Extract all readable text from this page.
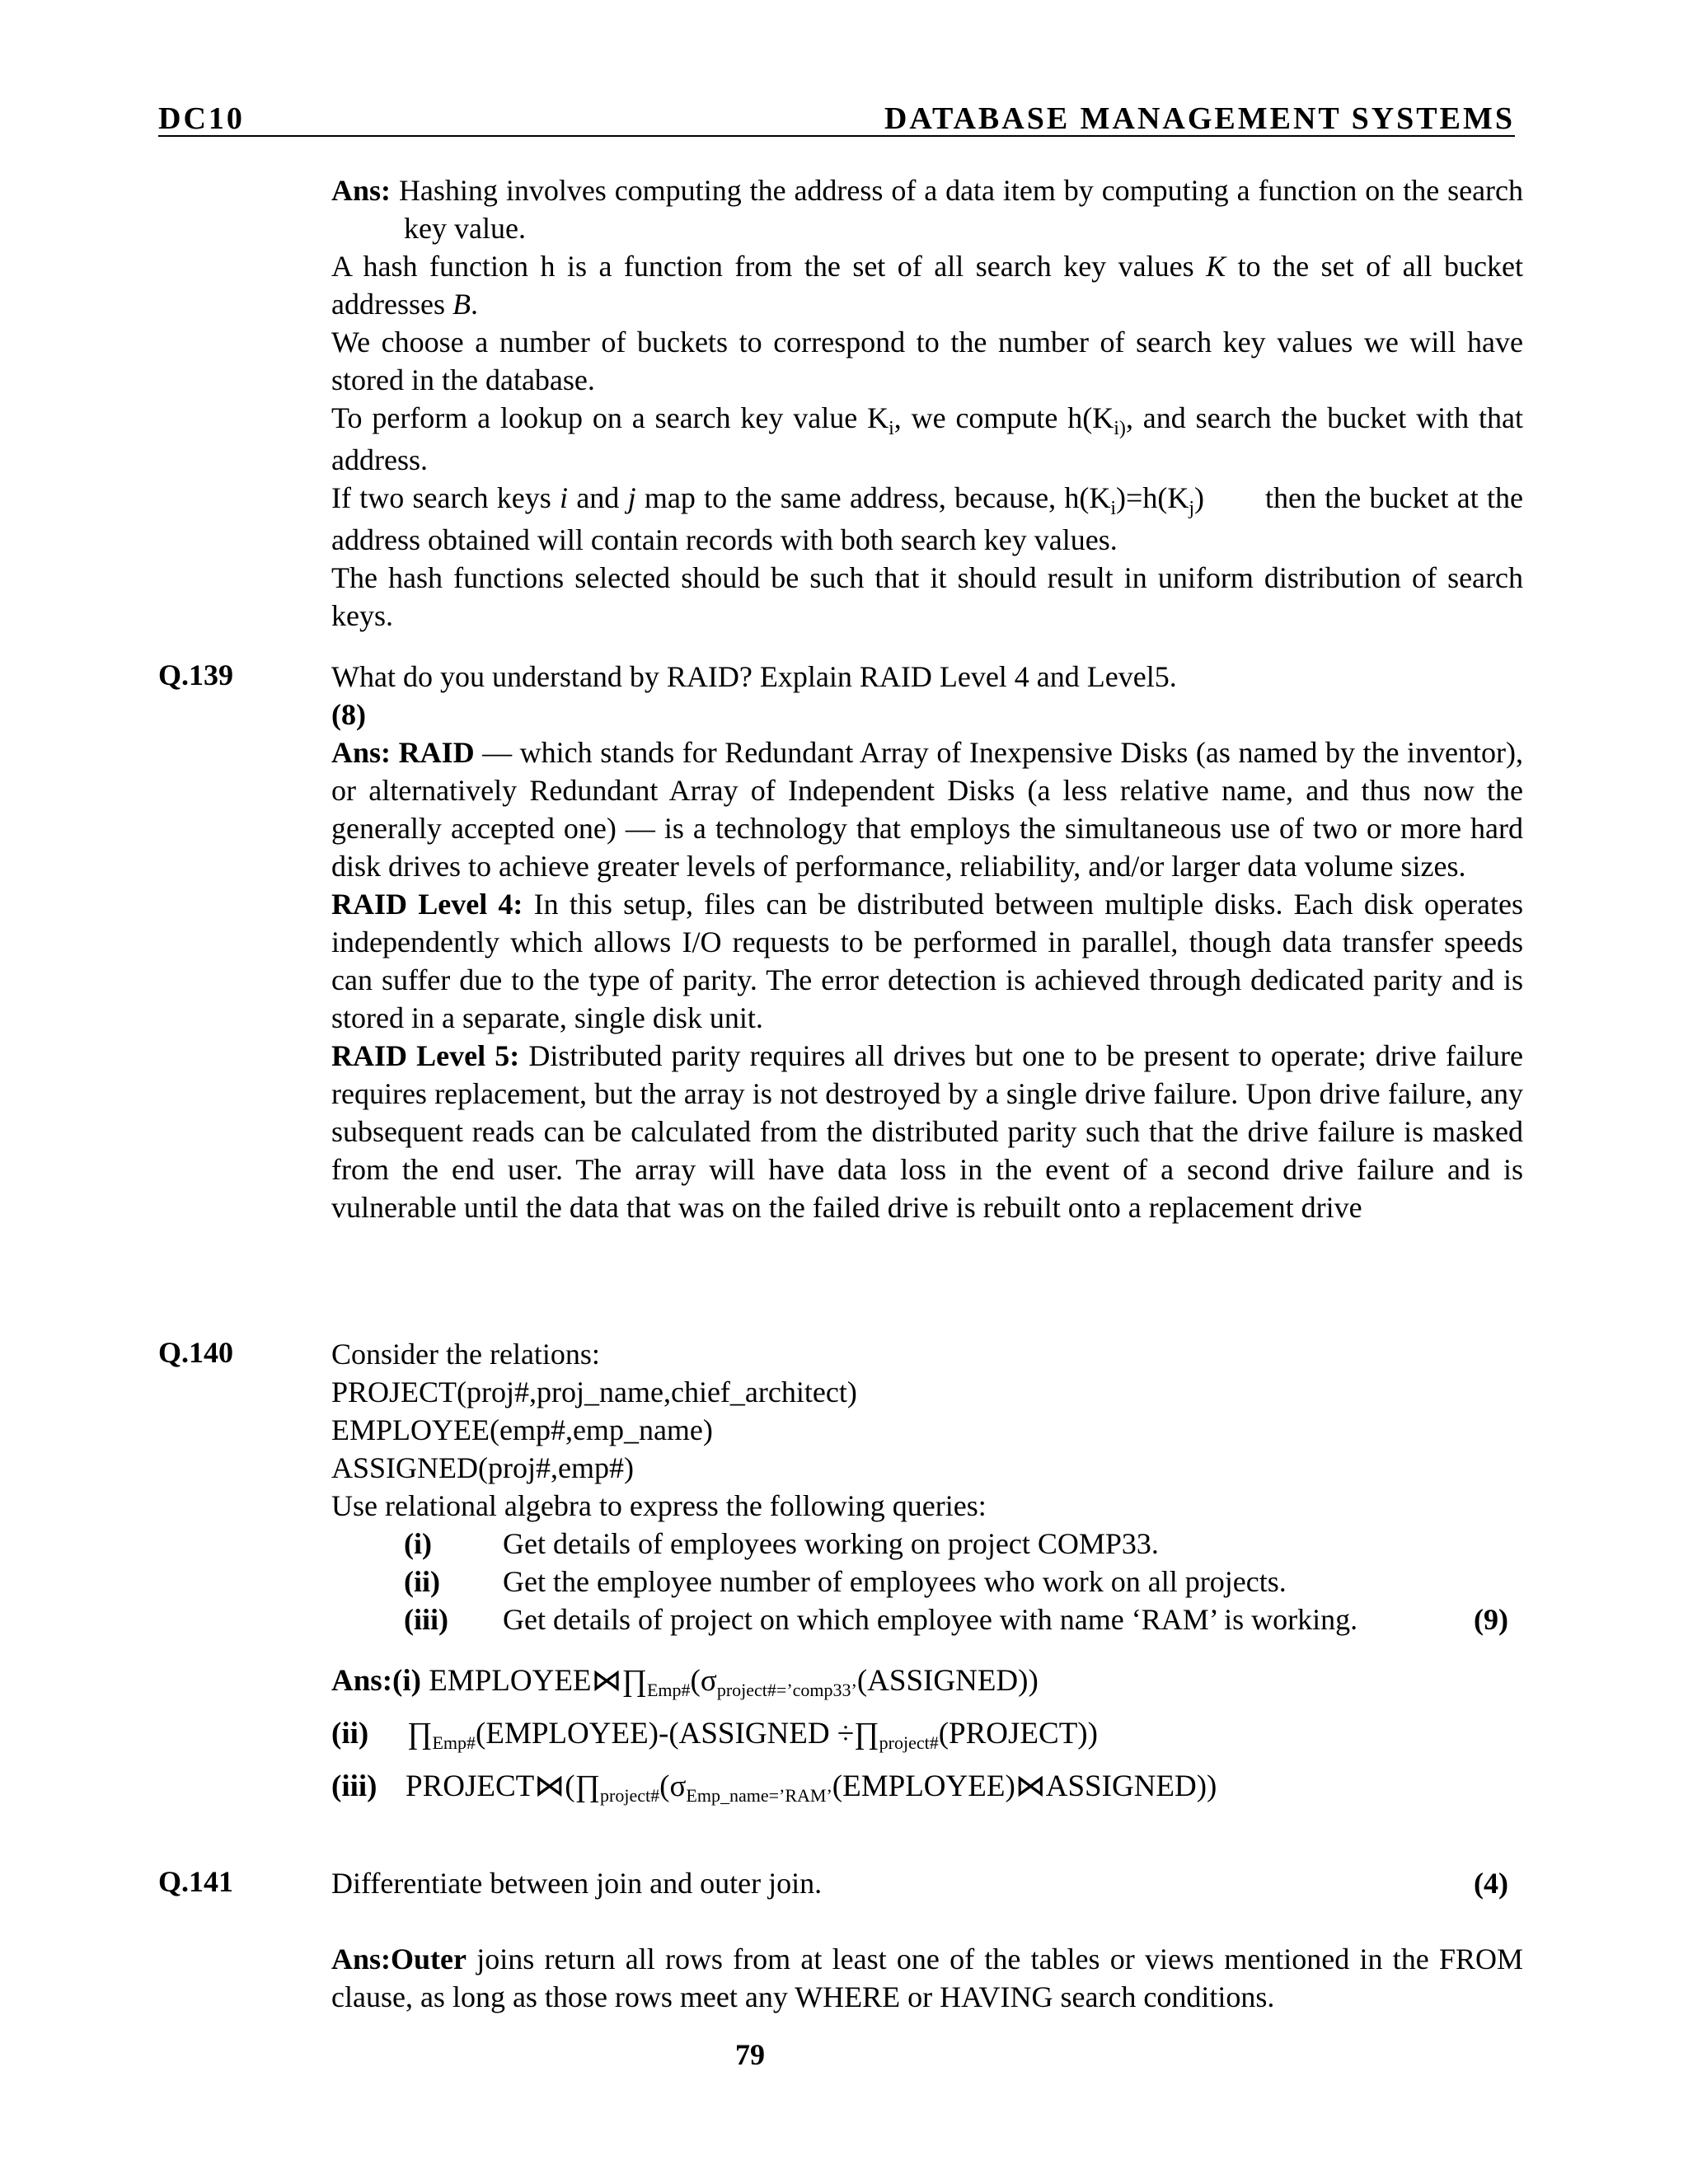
DC10	DATABASE MANAGEMENT SYSTEMS

Ans: Hashing involves computing the address of a data item by computing a function on the search key value.

A hash function h is a function from the set of all search key values K to the set of all bucket addresses B.

We choose a number of buckets to correspond to the number of search key values we will have stored in the database.

To perform a lookup on a search key value $K_i$, we compute $h(K_{i)}$, and search the bucket with that address.

If two search keys i and j map to the same address, because, $h(K_i)=h(K_j)$ then the bucket at the address obtained will contain records with both search key values.

The hash functions selected should be such that it should result in uniform distribution of search keys.

Q.139	What do you understand by RAID? Explain RAID Level 4 and Level5.

(8)

Ans: RAID — which stands for Redundant Array of Inexpensive Disks (as named by the inventor), or alternatively Redundant Array of Independent Disks (a less relative name, and thus now the generally accepted one) — is a technology that employs the simultaneous use of two or more hard disk drives to achieve greater levels of performance, reliability, and/or larger data volume sizes.

RAID Level 4: In this setup, files can be distributed between multiple disks. Each disk operates independently which allows I/O requests to be performed in parallel, though data transfer speeds can suffer due to the type of parity. The error detection is achieved through dedicated parity and is stored in a separate, single disk unit.

RAID Level 5: Distributed parity requires all drives but one to be present to operate; drive failure requires replacement, but the array is not destroyed by a single drive failure. Upon drive failure, any subsequent reads can be calculated from the distributed parity such that the drive failure is masked from the end user. The array will have data loss in the event of a second drive failure and is vulnerable until the data that was on the failed drive is rebuilt onto a replacement drive

Q.140	Consider the relations:

PROJECT(proj#,proj_name,chief_architect)

EMPLOYEE(emp#,emp_name)

ASSIGNED(proj#,emp#)

Use relational algebra to express the following queries:

(i)	Get details of employees working on project COMP33.
(ii)	Get the employee number of employees who work on all projects.
(iii)	Get details of project on which employee with name ‘RAM’ is working.	(9)
Ans:(i) EMPLOYEE⋈∏Emp#(σproject#=’comp33’(ASSIGNED))
(ii) ∏Emp#(EMPLOYEE)-(ASSIGNED ÷∏project#(PROJECT))
(iii) PROJECT⋈(∏project#(σEmp_name=’RAM’(EMPLOYEE)⋈ASSIGNED))
Q.141	Differentiate between join and outer join.	(4)

Ans:Outer joins return all rows from at least one of the tables or views mentioned in the FROM clause, as long as those rows meet any WHERE or HAVING search conditions.

79
